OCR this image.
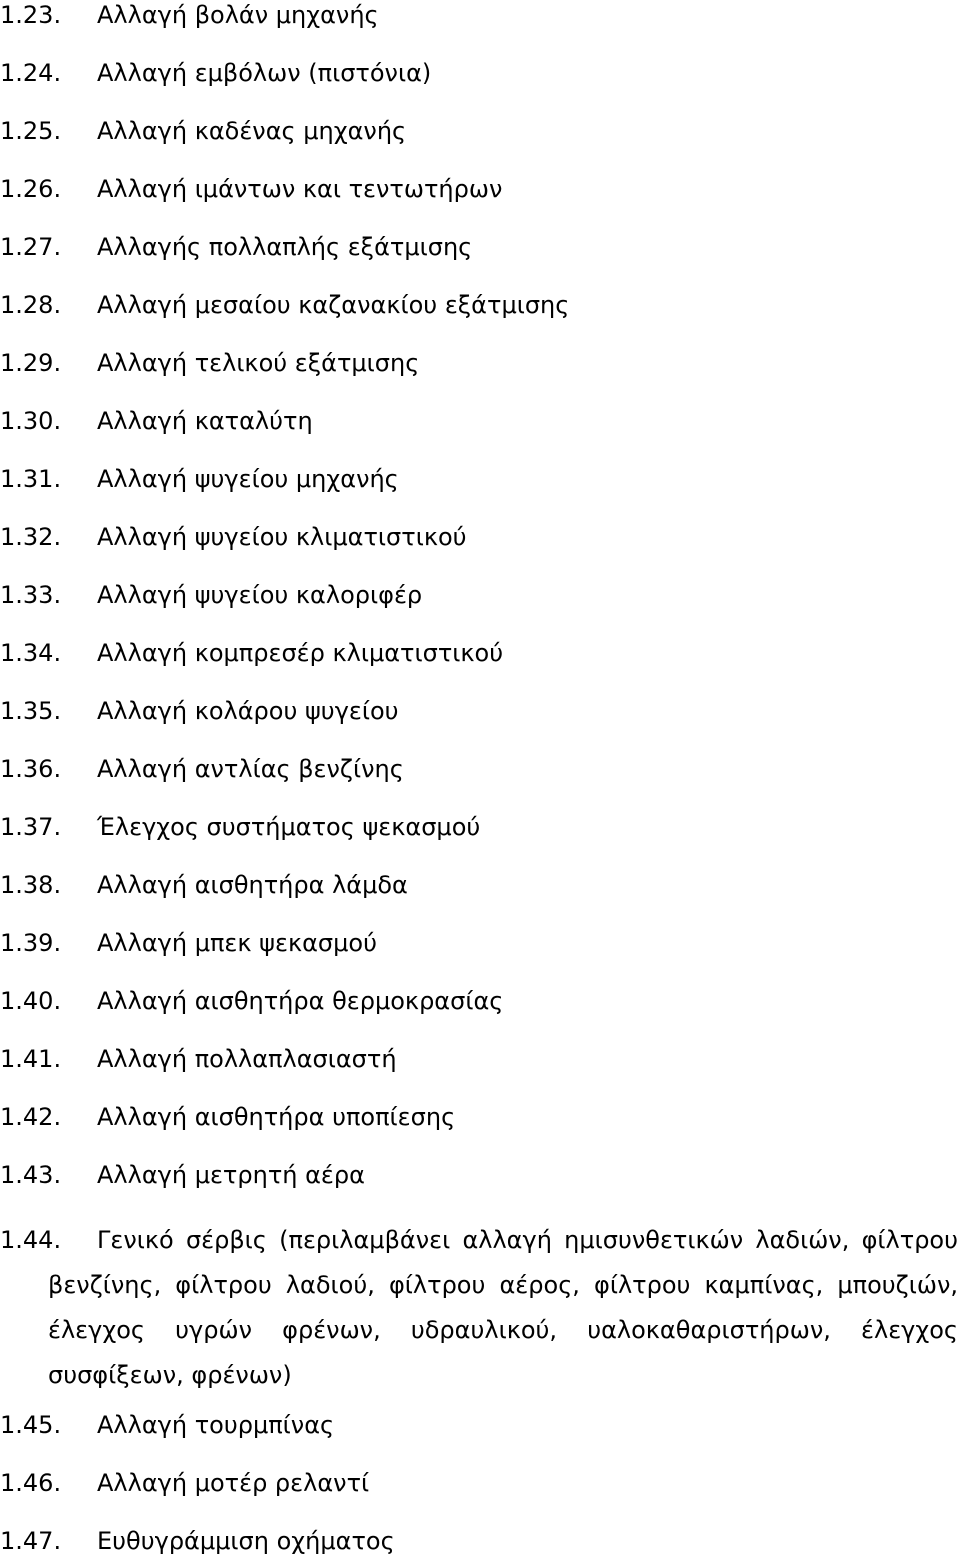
1.23. Αλλαγή βολάν μηχανής
1.24. Αλλαγή εμβόλων (πιστόνια)
1.25. Αλλαγή καδένας μηχανής
1.26. Αλλαγή ιμάντων και τεντωτήρων
1.27. Αλλαγής πολλαπλής εξάτμισης
1.28. Αλλαγή μεσαίου καζανακίου εξάτμισης
1.29. Αλλαγή τελικού εξάτμισης
1.30. Αλλαγή καταλύτη
1.31. Αλλαγή ψυγείου μηχανής
1.32. Αλλαγή ψυγείου κλιματιστικού
1.33. Αλλαγή ψυγείου καλοριφέρ
1.34. Αλλαγή κομπρεσέρ κλιματιστικού
1.35. Αλλαγή κολάρου ψυγείου
1.36. Αλλαγή αντλίας βενζίνης
1.37. Έλεγχος συστήματος ψεκασμού
1.38. Αλλαγή αισθητήρα λάμδα
1.39. Αλλαγή μπεκ ψεκασμού
1.40. Αλλαγή αισθητήρα θερμοκρασίας
1.41. Αλλαγή πολλαπλασιαστή
1.42. Αλλαγή αισθητήρα υποπίεσης
1.43. Αλλαγή μετρητή αέρα
1.44.	Γενικό σέρβις (περιλαμβάνει αλλαγή ημισυνθετικών λαδιών, φίλτρου βενζίνης, φίλτρου λαδιού, φίλτρου αέρος, φίλτρου καμπίνας, μπουζιών, έλεγχος υγρών φρένων, υδραυλικού, υαλοκαθαριστήρων, έλεγχος συσφίξεων, φρένων)
1.45. Αλλαγή τουρμπίνας
1.46. Αλλαγή μοτέρ ρελαντί
1.47. Ευθυγράμμιση οχήματος
